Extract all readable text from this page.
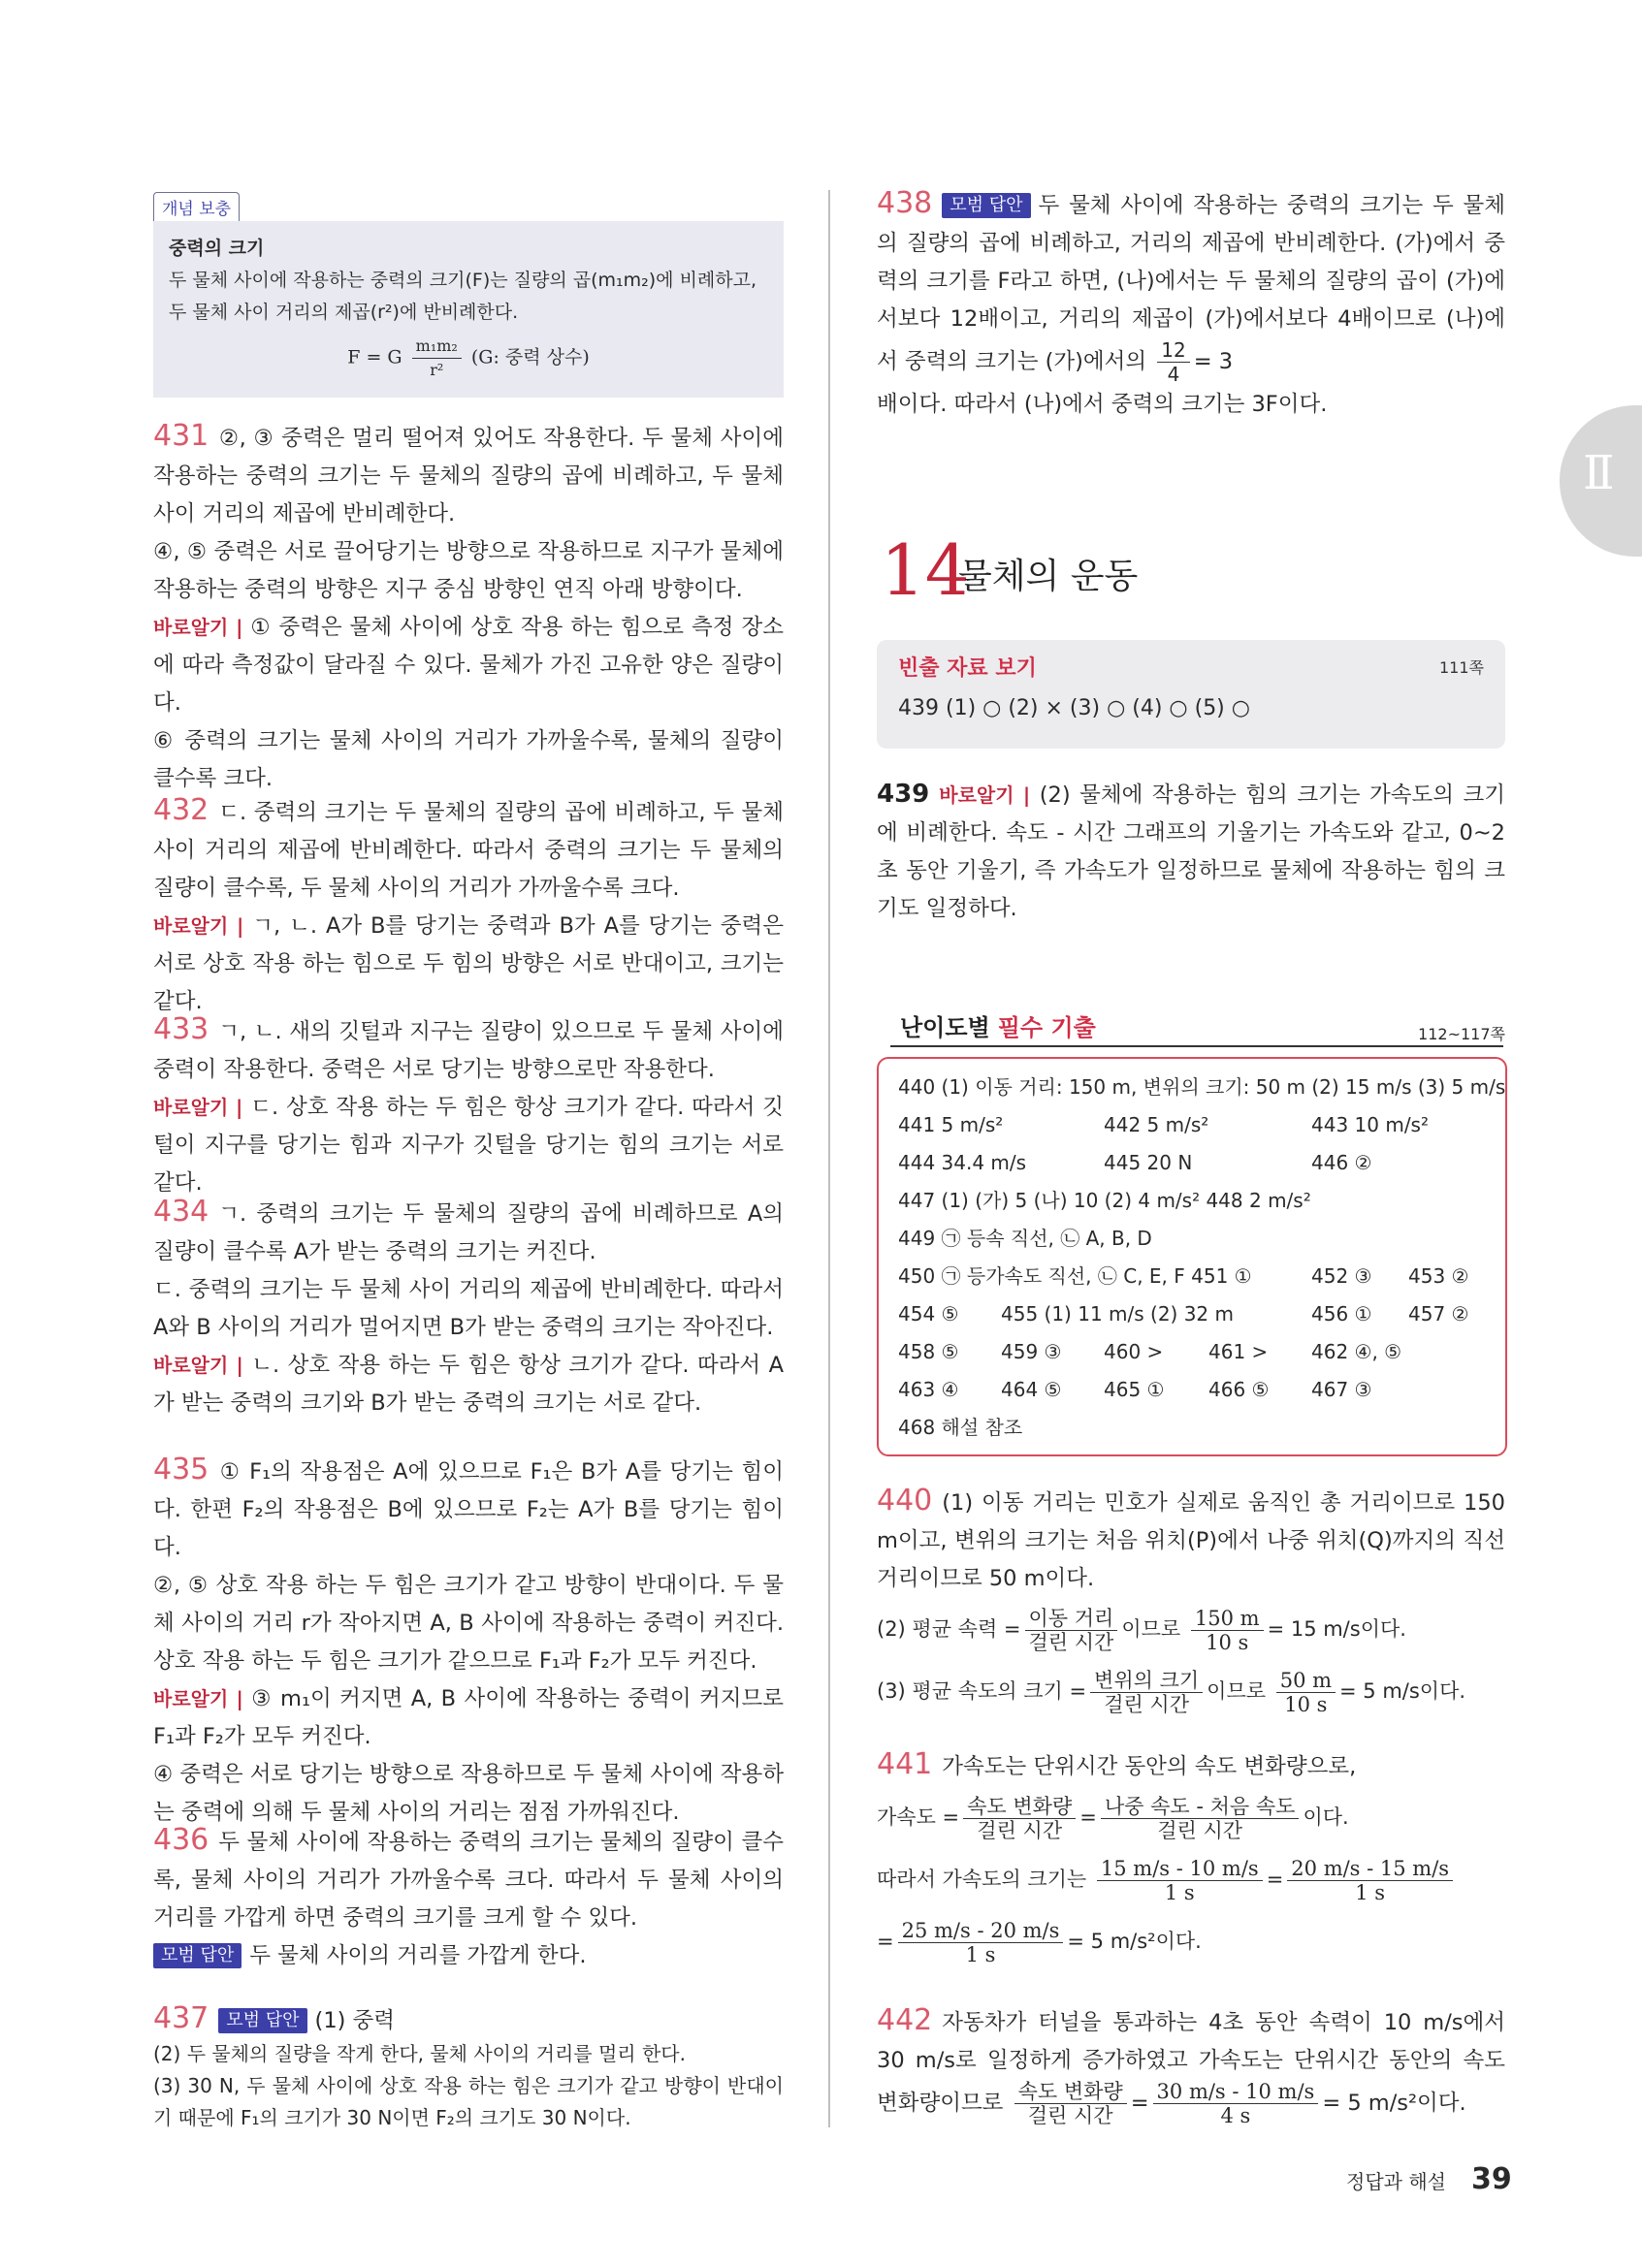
개념 보충
중력의 크기
두 물체 사이에 작용하는 중력의 크기(F)는 질량의 곱(m₁m₂)에 비례하고, 두 물체 사이 거리의 제곱(r²)에 반비례한다.
F = G $\frac{\text{m₁m₂}}{\text{r²}} (G$: 중력 상수)

431 ②, ③ 중력은 멀리 떨어져 있어도 작용한다. 두 물체 사이에 작용하는 중력의 크기는 두 물체의 질량의 곱에 비례하고, 두 물체 사이 거리의 제곱에 반비례한다.

④, ⑤ 중력은 서로 끌어당기는 방향으로 작용하므로 지구가 물체에 작용하는 중력의 방향은 지구 중심 방향인 연직 아래 방향이다.

바로알기 | ① 중력은 물체 사이에 상호 작용 하는 힘으로 측정 장소에 따라 측정값이 달라질 수 있다. 물체가 가진 고유한 양은 질량이다.

⑥ 중력의 크기는 물체 사이의 거리가 가까울수록, 물체의 질량이 클수록 크다.

432 ㄷ. 중력의 크기는 두 물체의 질량의 곱에 비례하고, 두 물체 사이 거리의 제곱에 반비례한다. 따라서 중력의 크기는 두 물체의 질량이 클수록, 두 물체 사이의 거리가 가까울수록 크다.

바로알기 | ㄱ, ㄴ. A가 B를 당기는 중력과 B가 A를 당기는 중력은 서로 상호 작용 하는 힘으로 두 힘의 방향은 서로 반대이고, 크기는 같다.

433 ㄱ, ㄴ. 새의 깃털과 지구는 질량이 있으므로 두 물체 사이에 중력이 작용한다. 중력은 서로 당기는 방향으로만 작용한다.

바로알기 | ㄷ. 상호 작용 하는 두 힘은 항상 크기가 같다. 따라서 깃털이 지구를 당기는 힘과 지구가 깃털을 당기는 힘의 크기는 서로 같다.

434 ㄱ. 중력의 크기는 두 물체의 질량의 곱에 비례하므로 A의 질량이 클수록 A가 받는 중력의 크기는 커진다.

ㄷ. 중력의 크기는 두 물체 사이 거리의 제곱에 반비례한다. 따라서 A와 B 사이의 거리가 멀어지면 B가 받는 중력의 크기는 작아진다.

바로알기 | ㄴ. 상호 작용 하는 두 힘은 항상 크기가 같다. 따라서 A가 받는 중력의 크기와 B가 받는 중력의 크기는 서로 같다.

435 ① F₁의 작용점은 A에 있으므로 F₁은 B가 A를 당기는 힘이다. 한편 F₂의 작용점은 B에 있으므로 F₂는 A가 B를 당기는 힘이다.

②, ⑤ 상호 작용 하는 두 힘은 크기가 같고 방향이 반대이다. 두 물체 사이의 거리 r가 작아지면 A, B 사이에 작용하는 중력이 커진다. 상호 작용 하는 두 힘은 크기가 같으므로 F₁과 F₂가 모두 커진다.

바로알기 | ③ m₁이 커지면 A, B 사이에 작용하는 중력이 커지므로 F₁과 F₂가 모두 커진다.

④ 중력은 서로 당기는 방향으로 작용하므로 두 물체 사이에 작용하는 중력에 의해 두 물체 사이의 거리는 점점 가까워진다.

436 두 물체 사이에 작용하는 중력의 크기는 물체의 질량이 클수록, 물체 사이의 거리가 가까울수록 크다. 따라서 두 물체 사이의 거리를 가깝게 하면 중력의 크기를 크게 할 수 있다.

모범 답안 두 물체 사이의 거리를 가깝게 한다.

437 모범 답안 (1) 중력

(2) 두 물체의 질량을 작게 한다, 물체 사이의 거리를 멀리 한다.

(3) 30 N, 두 물체 사이에 상호 작용 하는 힘은 크기가 같고 방향이 반대이기 때문에 F₁의 크기가 30 N이면 F₂의 크기도 30 N이다.

Ⅱ

438 모범 답안 두 물체 사이에 작용하는 중력의 크기는 두 물체의 질량의 곱에 비례하고, 거리의 제곱에 반비례한다. (가)에서 중력의 크기를 F라고 하면, (나)에서는 두 물체의 질량의 곱이 (가)에서보다 12배이고, 거리의 제곱이 (가)에서보다 4배이므로 (나)에서 중력의 크기는 (가)에서의 $\frac{12}{4} = 3$

배이다. 따라서 (나)에서 중력의 크기는 3F이다.

14
물체의 운동
빈출 자료 보기	111쪽
439 (1) ○ (2) × (3) ○ (4) ○ (5) ○

439 바로알기 | (2) 물체에 작용하는 힘의 크기는 가속도의 크기에 비례한다. 속도 - 시간 그래프의 기울기는 가속도와 같고, 0~2초 동안 기울기, 즉 가속도가 일정하므로 물체에 작용하는 힘의 크기도 일정하다.

난이도별 필수 기출	112~117쪽
440 (1) 이동 거리: 150 m, 변위의 크기: 50 m (2) 15 m/s (3) 5 m/s
441 5 m/s²	442 5 m/s²	443 10 m/s²
444 34.4 m/s	445 20 N	446 ②
447 (1) (가) 5 (나) 10 (2) 4 m/s² 448 2 m/s²
449 ㉠ 등속 직선, ㉡ A, B, D
450 ㉠ 등가속도 직선, ㉡ C, E, F 451 ①	452 ③ 453 ②
454 ⑤ 455 (1) 11 m/s (2) 32 m	456 ① 457 ②
458 ⑤ 459 ③ 460 > 461 > 462 ④, ⑤
463 ④ 464 ⑤ 465 ① 466 ⑤ 467 ③
468 해설 참조

440 (1) 이동 거리는 민호가 실제로 움직인 총 거리이므로 150 m이고, 변위의 크기는 처음 위치(P)에서 나중 위치(Q)까지의 직선 거리이므로 50 m이다.

(2) 평균 속력 = $\frac{\text{이동 거리}}{\text{걸린 시간}}$ 이므로 $\frac{150 m}{10 s} = 15$ m/s이다.

(3) 평균 속도의 크기 = $\frac{\text{변위의 크기}}{\text{걸린 시간}}$ 이므로 $\frac{50 m}{10 s} = 5$ m/s이다.

441 가속도는 단위시간 동안의 속도 변화량으로,

가속도 = $\frac{\text{속도 변화량}}{\text{걸린 시간}} = \frac{\text{나중 속도 - 처음 속도}}{\text{걸린 시간}}$ 이다.

따라서 가속도의 크기는 $\frac{15 m/s - 10 m/s}{1 s} = \frac{20 m/s - 15 m/s}{1 s}$

= $\frac{25 m/s - 20 m/s}{1 s} = 5$ m/s²이다.

442 자동차가 터널을 통과하는 4초 동안 속력이 10 m/s에서 30 m/s로 일정하게 증가하였고 가속도는 단위시간 동안의 속도 변화량이므로 $\frac{\text{속도 변화량}}{\text{걸린 시간}} = \frac{30 m/s - 10 m/s}{4 s} = 5$ m/s²이다.

정답과 해설 39
